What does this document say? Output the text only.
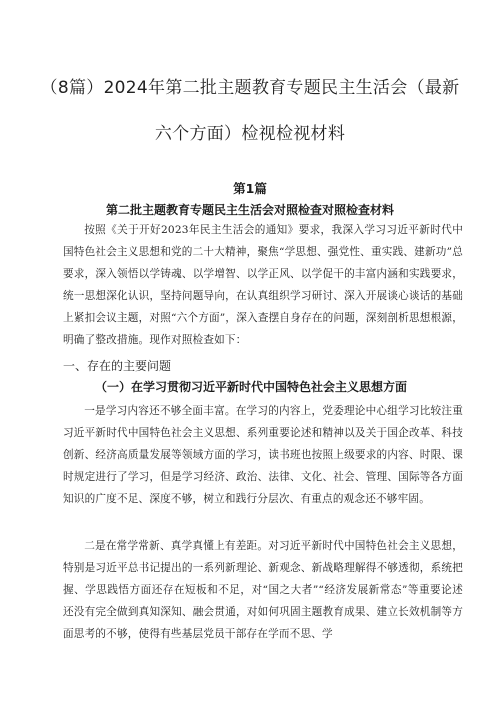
（8篇）2024年第二批主题教育专题民主生活会（最新
六个方面）检视检视材料
第1篇
第二批主题教育专题民主生活会对照检查对照检查材料

按照《关于开好2023年民主生活会的通知》要求，我深入学习习近平新时代中国特色社会主义思想和党的二十大精神，聚焦“学思想、强党性、重实践、建新功”总要求，深入领悟以学铸魂、以学增智、以学正风、以学促干的丰富内涵和实践要求，统一思想深化认识，坚持问题导向，在认真组织学习研讨、深入开展谈心谈话的基础上紧扣会议主题，对照“六个方面”，深入查摆自身存在的问题，深刻剖析思想根源，明确了整改措施。现作对照检查如下：

一、存在的主要问题
（一）在学习贯彻习近平新时代中国特色社会主义思想方面

一是学习内容还不够全面丰富。在学习的内容上，党委理论中心组学习比较注重习近平新时代中国特色社会主义思想、系列重要论述和精神以及关于国企改革、科技创新、经济高质量发展等领域方面的学习，读书班也按照上级要求的内容、时限、课时规定进行了学习，但是学习经济、政治、法律、文化、社会、管理、国际等各方面知识的广度不足、深度不够，树立和践行分层次、有重点的观念还不够牢固。

二是在常学常新、真学真懂上有差距。对习近平新时代中国特色社会主义思想，特别是习近平总书记提出的一系列新理论、新观念、新战略理解得不够透彻，系统把握、学思践悟方面还存在短板和不足，对“国之大者”“经济发展新常态”等重要论述还没有完全做到真知深知、融会贯通，对如何巩固主题教育成果、建立长效机制等方面思考的不够，使得有些基层党员干部存在学而不思、学
